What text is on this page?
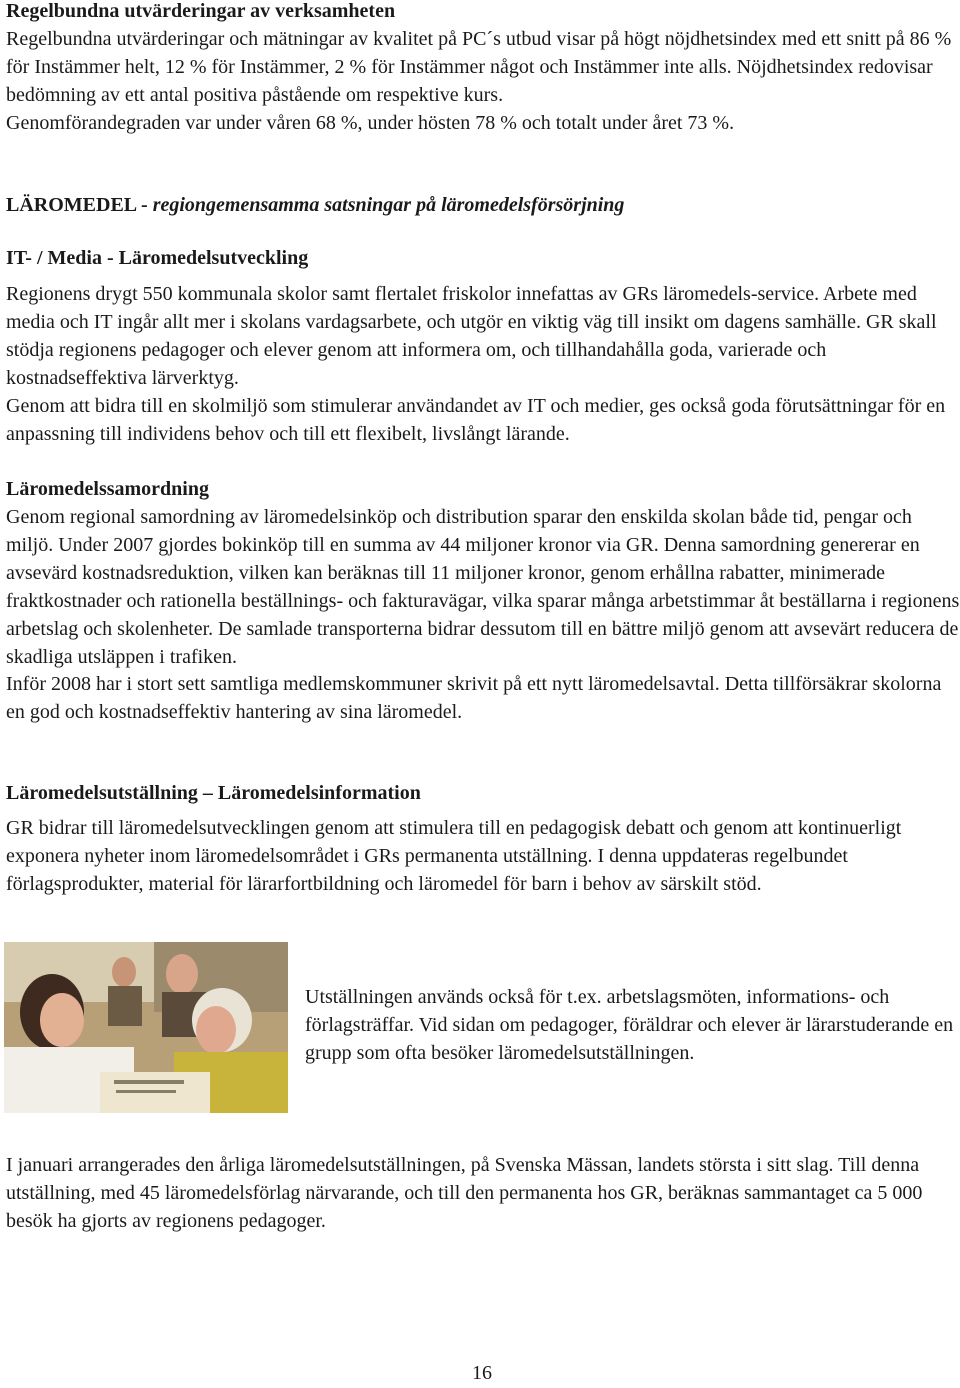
Regelbundna utvärderingar av verksamheten

Regelbundna utvärderingar och mätningar av kvalitet på PC´s utbud visar på högt nöjdhetsindex med ett snitt på 86 % för Instämmer helt, 12 % för Instämmer, 2 % för Instämmer något och Instämmer inte alls. Nöjdhetsindex redovisar bedömning av ett antal positiva påstående om respektive kurs.

Genomförandegraden var under våren 68 %, under hösten 78 % och totalt under året 73 %.

LÄROMEDEL - regiongemensamma satsningar på läromedelsförsörjning

IT- / Media - Läromedelsutveckling

Regionens drygt 550 kommunala skolor samt flertalet friskolor innefattas av GRs läromedels-service. Arbete med media och IT ingår allt mer i skolans vardagsarbete, och utgör en viktig väg till insikt om dagens samhälle. GR skall stödja regionens pedagoger och elever genom att informera om, och tillhandahålla goda, varierade och kostnadseffektiva lärverktyg.

Genom att bidra till en skolmiljö som stimulerar användandet av IT och medier, ges också goda förutsättningar för en anpassning till individens behov och till ett flexibelt, livslångt lärande.

Läromedelssamordning

Genom regional samordning av läromedelsinköp och distribution sparar den enskilda skolan både tid, pengar och miljö. Under 2007 gjordes bokinköp till en summa av 44 miljoner kronor via GR. Denna samordning genererar en avsevärd kostnadsreduktion, vilken kan beräknas till 11 miljoner kronor, genom erhållna rabatter, minimerade fraktkostnader och rationella beställnings- och fakturavägar, vilka sparar många arbetstimmar åt beställarna i regionens arbetslag och skolenheter. De samlade transporterna bidrar dessutom till en bättre miljö genom att avsevärt reducera de skadliga utsläppen i trafiken.

Inför 2008 har i stort sett samtliga medlemskommuner skrivit på ett nytt läromedelsavtal. Detta tillförsäkrar skolorna en god och kostnadseffektiv hantering av sina läromedel.

Läromedelsutställning – Läromedelsinformation

GR bidrar till läromedelsutvecklingen genom att stimulera till en pedagogisk debatt och genom att kontinuerligt exponera nyheter inom läromedelsområdet i GRs permanenta utställning. I denna uppdateras regelbundet förlagsprodukter, material för lärarfortbildning och läromedel för barn i behov av särskilt stöd.

Utställningen används också för t.ex. arbetslagsmöten, informations- och förlagsträffar. Vid sidan om pedagoger, föräldrar och elever är lärarstuderande en grupp som ofta besöker läromedelsutställningen.

I januari arrangerades den årliga läromedelsutställningen, på Svenska Mässan, landets största i sitt slag. Till denna utställning, med 45 läromedelsförlag närvarande, och till den permanenta hos GR, beräknas sammantaget ca 5 000 besök ha gjorts av regionens pedagoger.

16
